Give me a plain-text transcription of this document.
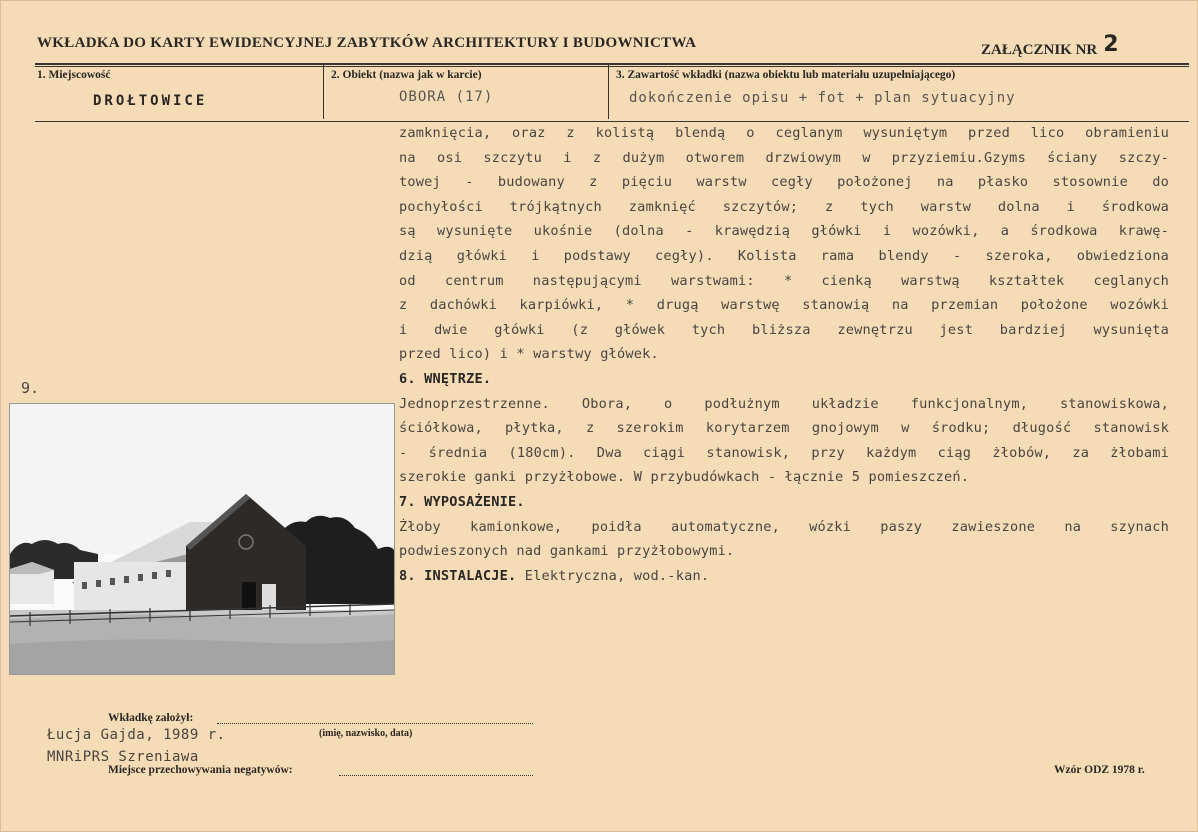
WKŁADKA DO KARTY EWIDENCYJNEJ ZABYTKÓW ARCHITEKTURY I BUDOWNICTWA	ZAŁĄCZNIK NR 2
1. Miejscowość
DROŁTOWICE
2. Obiekt (nazwa jak w karcie)
OBORA (17)
3. Zawartość wkładki (nazwa obiektu lub materiału uzupełniającego)
dokończenie opisu + fot + plan sytuacyjny
9.
zamknięcia, oraz z kolistą blendą o ceglanym wysuniętym przed lico obramieniu
na osi szczytu i z dużym otworem drzwiowym w przyziemiu.Gzyms ściany szczy-
towej - budowany z pięciu warstw cegły położonej na płasko stosownie do
pochyłości trójkątnych zamknięć szczytów; z tych warstw dolna i środkowa
są wysunięte ukośnie (dolna - krawędzią główki i wozówki, a środkowa krawę-
dzią główki i podstawy cegły). Kolista rama blendy - szeroka, obwiedziona
od centrum następującymi warstwami: * cienką warstwą kształtek ceglanych
z dachówki karpiówki, * drugą warstwę stanowią na przemian położone wozówki
i dwie główki (z główek tych bliższa zewnętrzu jest bardziej wysunięta
przed lico) i * warstwy główek.
6. WNĘTRZE.
Jednoprzestrzenne. Obora, o podłużnym układzie funkcjonalnym, stanowiskowa,
ściółkowa, płytka, z szerokim korytarzem gnojowym w środku; długość stanowisk
- średnia (180cm). Dwa ciągi stanowisk, przy każdym ciąg żłobów, za żłobami
szerokie ganki przyżłobowe. W przybudówkach - łącznie 5 pomieszczeń.
7. WYPOSAŻENIE.
Żłoby kamionkowe, poidła automatyczne, wózki paszy zawieszone na szynach
podwieszonych nad gankami przyżłobowymi.
8. INSTALACJE. Elektryczna, wod.-kan.
Wkładkę założył:
(imię, nazwisko, data)
Łucja Gajda, 1989 r.
MNRiPRS Szreniawa
Miejsce przechowywania negatywów:	Wzór ODZ 1978 r.
